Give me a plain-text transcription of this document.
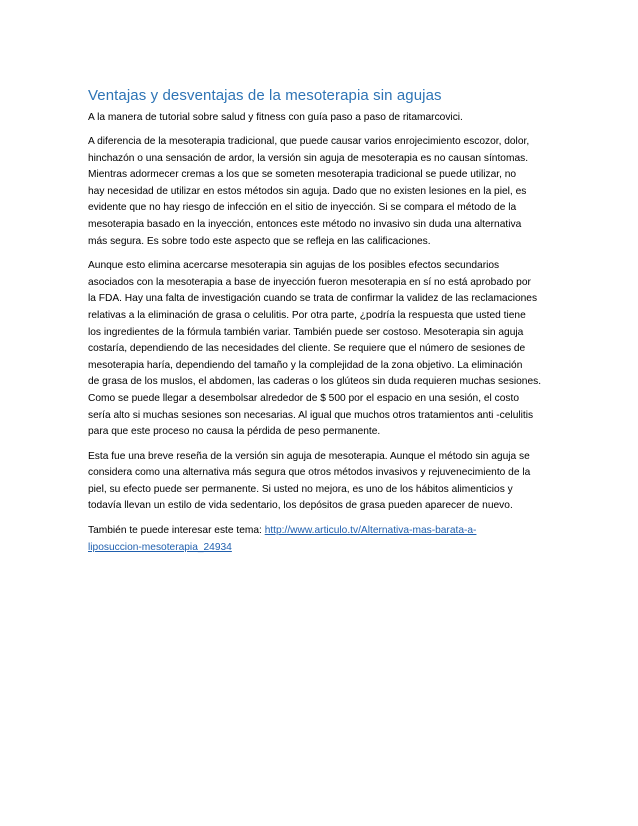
Ventajas y desventajas de la mesoterapia sin agujas

A la manera de tutorial sobre salud y fitness con guía paso a paso de ritamarcovici.

A diferencia de la mesoterapia tradicional, que puede causar varios enrojecimiento escozor, dolor,
hinchazón o una sensación de ardor, la versión sin aguja de mesoterapia es no causan síntomas.
Mientras adormecer cremas a los que se someten mesoterapia tradicional se puede utilizar, no
hay necesidad de utilizar en estos métodos sin aguja. Dado que no existen lesiones en la piel, es
evidente que no hay riesgo de infección en el sitio de inyección. Si se compara el método de la
mesoterapia basado en la inyección, entonces este método no invasivo sin duda una alternativa
más segura. Es sobre todo este aspecto que se refleja en las calificaciones.

Aunque esto elimina acercarse mesoterapia sin agujas de los posibles efectos secundarios
asociados con la mesoterapia a base de inyección fueron mesoterapia en sí no está aprobado por
la FDA. Hay una falta de investigación cuando se trata de confirmar la validez de las reclamaciones
relativas a la eliminación de grasa o celulitis. Por otra parte, ¿podría la respuesta que usted tiene
los ingredientes de la fórmula también variar. También puede ser costoso. Mesoterapia sin aguja
costaría, dependiendo de las necesidades del cliente. Se requiere que el número de sesiones de
mesoterapia haría, dependiendo del tamaño y la complejidad de la zona objetivo. La eliminación
de grasa de los muslos, el abdomen, las caderas o los glúteos sin duda requieren muchas sesiones.
Como se puede llegar a desembolsar alrededor de $ 500 por el espacio en una sesión, el costo
sería alto si muchas sesiones son necesarias. Al igual que muchos otros tratamientos anti -celulitis
para que este proceso no causa la pérdida de peso permanente.

Esta fue una breve reseña de la versión sin aguja de mesoterapia. Aunque el método sin aguja se
considera como una alternativa más segura que otros métodos invasivos y rejuvenecimiento de la
piel, su efecto puede ser permanente. Si usted no mejora, es uno de los hábitos alimenticios y
todavía llevan un estilo de vida sedentario, los depósitos de grasa pueden aparecer de nuevo.

También te puede interesar este tema: http://www.articulo.tv/Alternativa-mas-barata-a-
liposuccion-mesoterapia_24934
